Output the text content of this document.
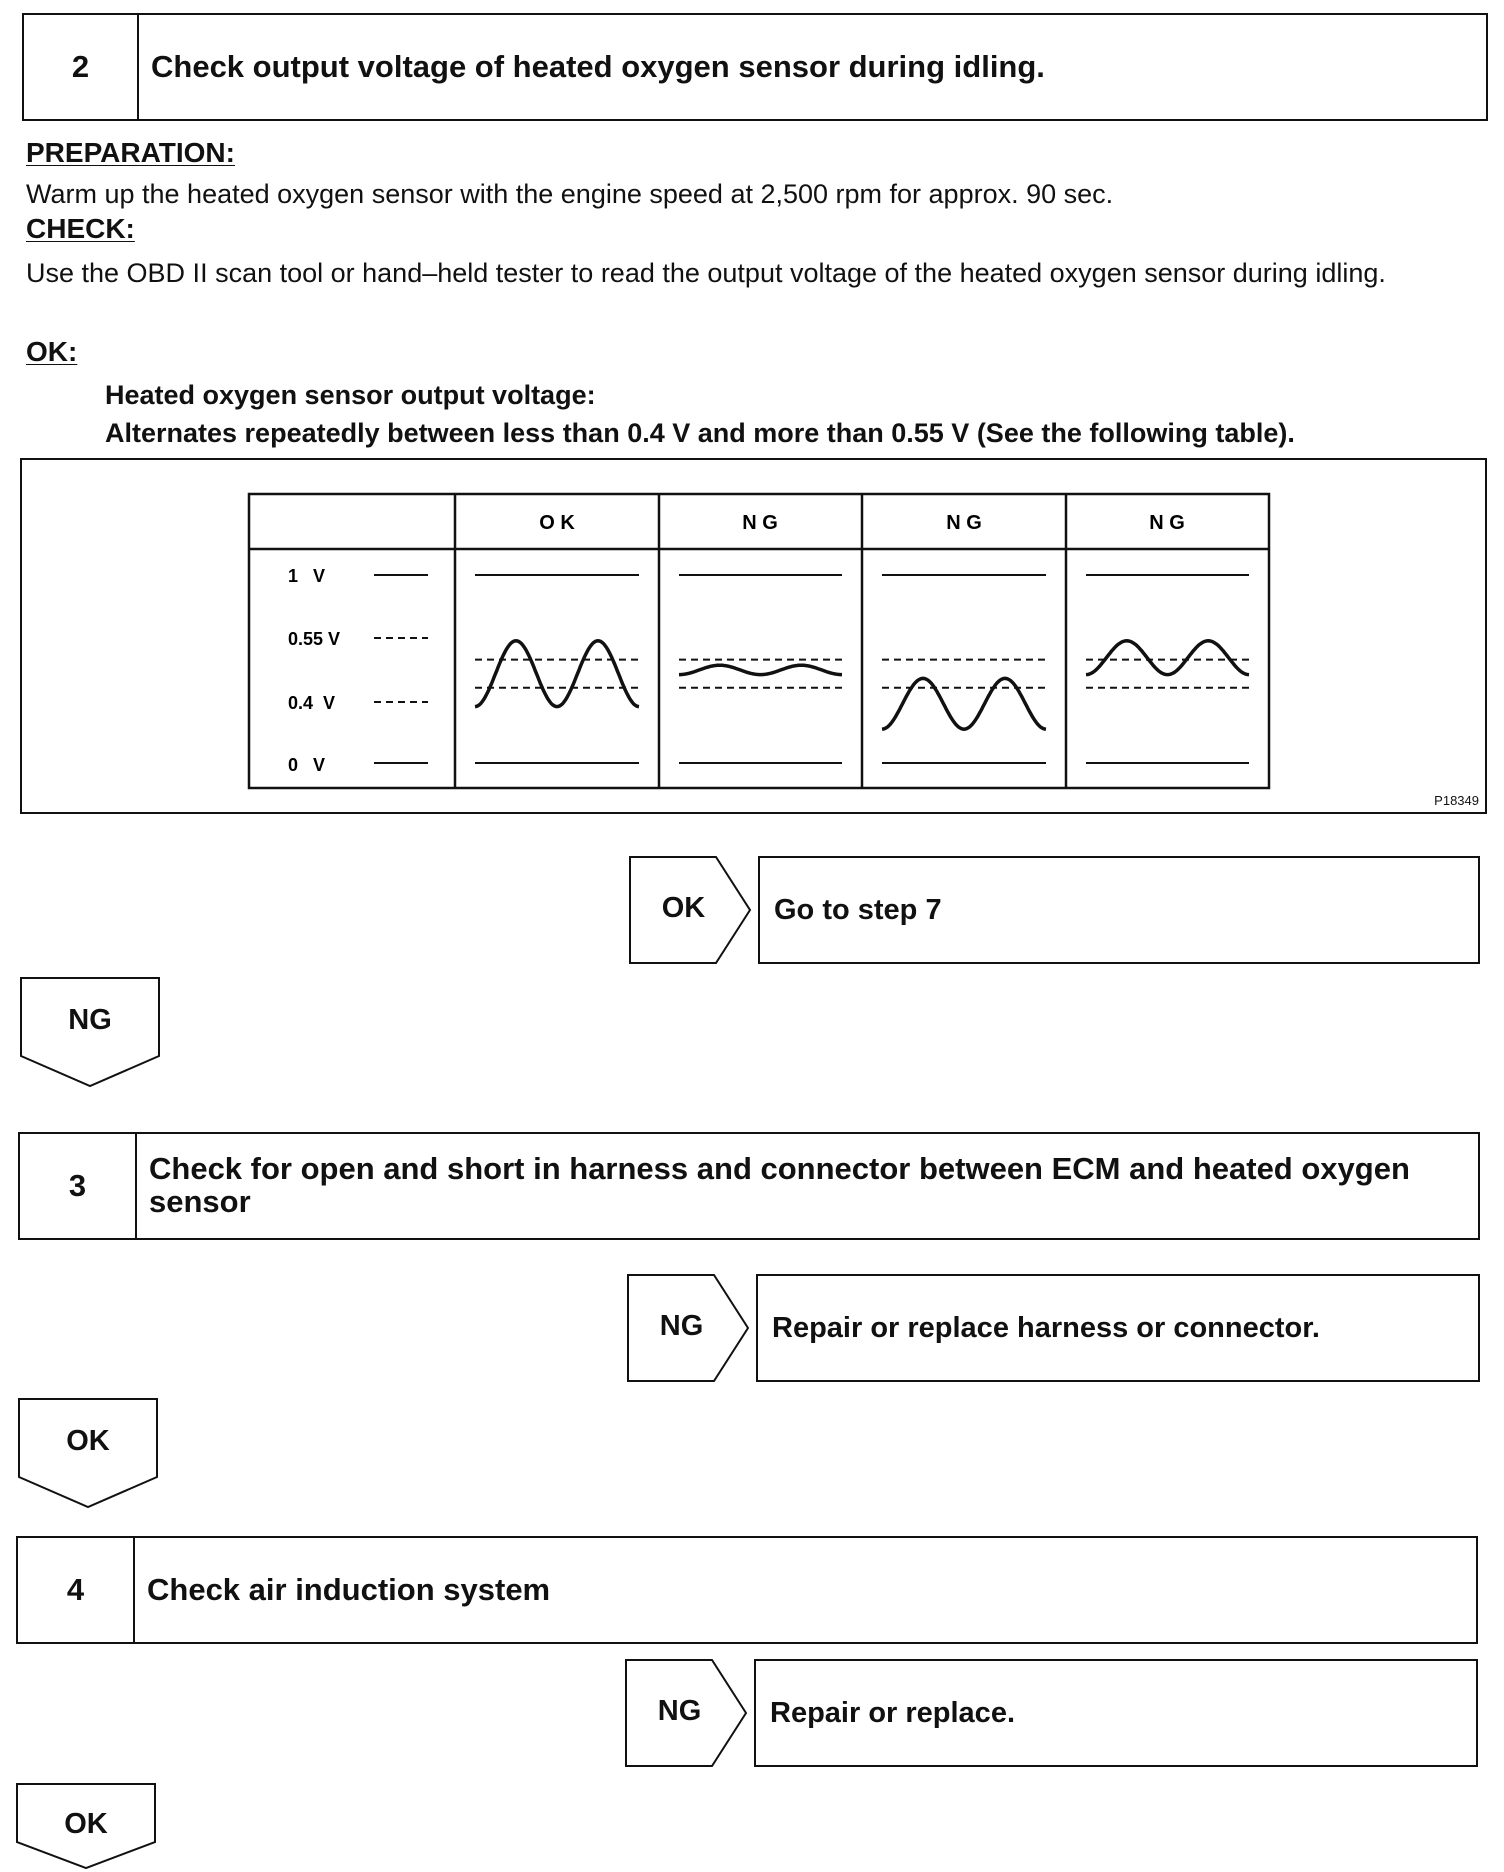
2	Check output voltage of heated oxygen sensor during idling.
PREPARATION:
Warm up the heated oxygen sensor with the engine speed at 2,500 rpm for approx. 90 sec.
CHECK:
Use the OBD II scan tool or hand–held tester to read the output voltage of the heated oxygen sensor during idling.
OK:
Heated oxygen sensor output voltage:
Alternates repeatedly between less than 0.4 V and more than 0.55 V (See the following table).
O K	N G	N G	N G
1   V
0.55 V
0.4  V
0   V
P18349
OK	Go to step 7
NG
3	Check for open and short in harness and connector between ECM and heated oxygen sensor
NG	Repair or replace harness or connector.
OK
4	Check air induction system
NG	Repair or replace.
OK
